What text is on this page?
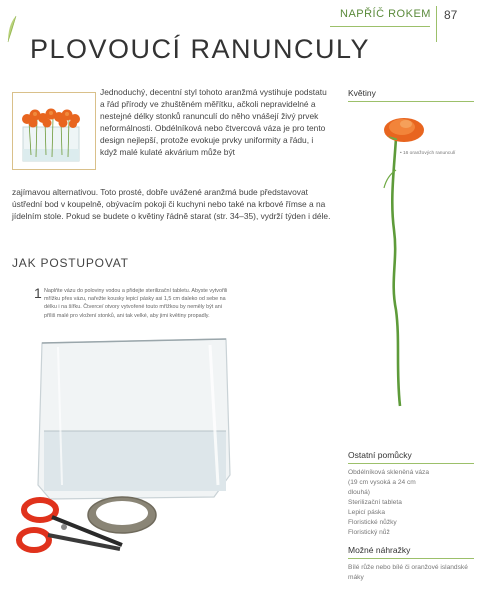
NAPŘÍČ ROKEM 87
PLOVOUCÍ RANUNCULY
Jednoduchý, decentní styl tohoto aranžmá vystihuje podstatu a řád přírody ve zhuštěném měřítku, ačkoli nepravidelné a nestejné délky stonků ranunculí do něho vnášejí živý prvek neformálnosti. Obdélníková nebo čtvercová váza je pro tento design nejlepší, protože evokuje prvky uniformity a řádu, i když malé kulaté akvárium může být
zajímavou alternativou. Toto prosté, dobře uvážené aranžmá bude představovat ústřední bod v koupelně, obývacím pokoji či kuchyni nebo také na krbové římse a na jídelním stole. Pokud se budete o květiny řádně starat (str. 34–35), vydrží týden i déle.
JAK POSTUPOVAT
1 Naplňte vázu do poloviny vodou a přidejte sterilizační tabletu. Abyste vytvořili mřížku přes vázu, nařežte kousky lepicí pásky asi 1,5 cm daleko od sebe na délku i na šířku. Čtverce/ otvory vytvořené touto mřížkou by neměly být ani příliš malé pro vložení stonků, ani tak velké, aby jimi květiny propadly.
Květiny
• 16 oranžových ranunculí
Ostatní pomůcky
Obdélníková skleněná váza
(19 cm vysoká a 24 cm
dlouhá)
Sterilizační tableta
Lepicí páska
Floristické nůžky
Floristický nůž
Možné náhražky
Bílé růže nebo bílé či oranžové islandské máky
